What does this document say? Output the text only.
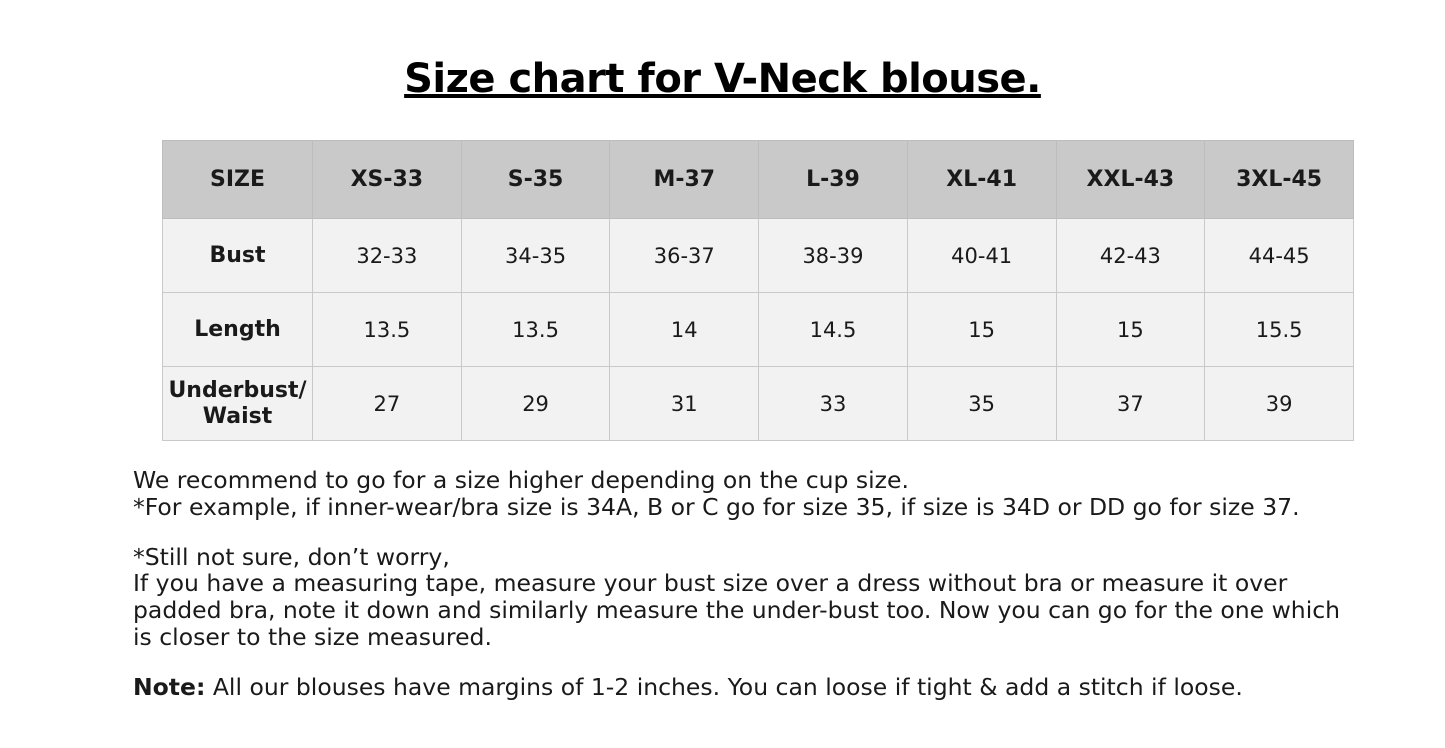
Size chart for V-Neck blouse.
SIZE	XS-33	S-35	M-37	L-39	XL-41	XXL-43	3XL-45
Bust	32-33	34-35	36-37	38-39	40-41	42-43	44-45
Length	13.5	13.5	14	14.5	15	15	15.5
Underbust/ Waist	27	29	31	33	35	37	39

We recommend to go for a size higher depending on the cup size.

*For example, if inner-wear/bra size is 34A, B or C go for size 35, if size is 34D or DD go for size 37.

*Still not sure, don’t worry,

If you have a measuring tape, measure your bust size over a dress without bra or measure it over padded bra, note it down and similarly measure the under-bust too. Now you can go for the one which is closer to the size measured.

Note: All our blouses have margins of 1-2 inches. You can loose if tight & add a stitch if loose.
